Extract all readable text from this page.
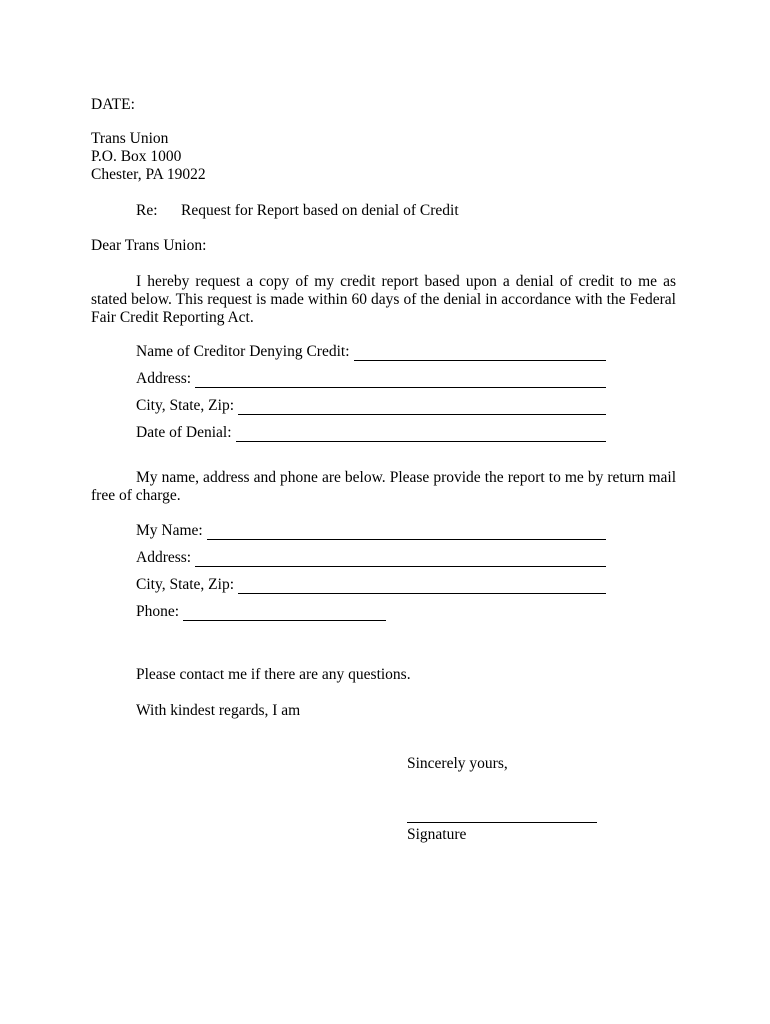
DATE:
Trans Union
P.O. Box 1000
Chester, PA 19022
Re: Request for Report based on denial of Credit
Dear Trans Union:
I hereby request a copy of my credit report based upon a denial of credit to me as stated below. This request is made within 60 days of the denial in accordance with the Federal Fair Credit Reporting Act.
Name of Creditor Denying Credit:
Address:
City, State, Zip:
Date of Denial:
My name, address and phone are below. Please provide the report to me by return mail free of charge.
My Name:
Address:
City, State, Zip:
Phone:
Please contact me if there are any questions.
With kindest regards, I am
Sincerely yours,
Signature
